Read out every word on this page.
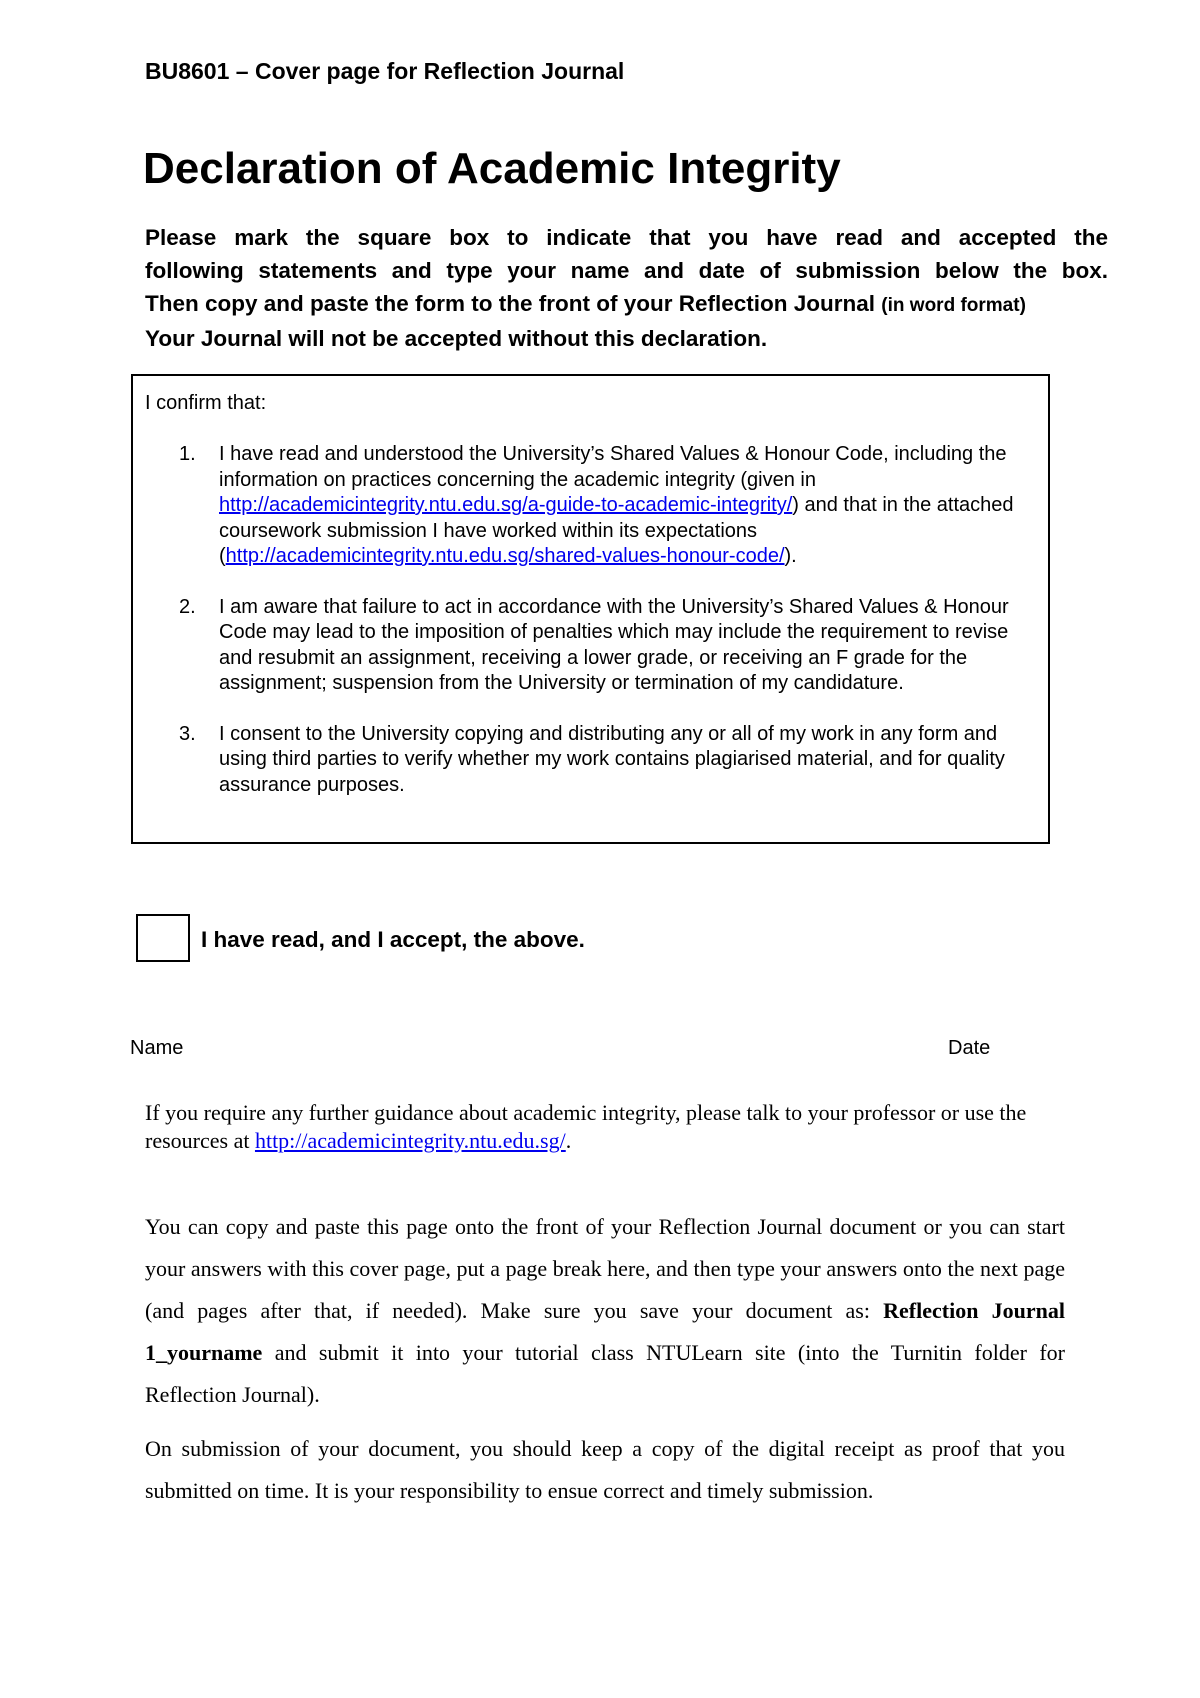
BU8601 – Cover page for Reflection Journal
Declaration of Academic Integrity

Please mark the square box to indicate that you have read and accepted the

following statements and type your name and date of submission below the box.

Then copy and paste the form to the front of your Reflection Journal (in word format)

Your Journal will not be accepted without this declaration.

I confirm that:
1. I have read and understood the University’s Shared Values & Honour Code, including the information on practices concerning the academic integrity (given in http://academicintegrity.ntu.edu.sg/a-guide-to-academic-integrity/) and that in the attached coursework submission I have worked within its expectations (http://academicintegrity.ntu.edu.sg/shared-values-honour-code/).
2. I am aware that failure to act in accordance with the University’s Shared Values & Honour Code may lead to the imposition of penalties which may include the requirement to revise and resubmit an assignment, receiving a lower grade, or receiving an F grade for the assignment; suspension from the University or termination of my candidature.
3. I consent to the University copying and distributing any or all of my work in any form and using third parties to verify whether my work contains plagiarised material, and for quality assurance purposes.
I have read, and I accept, the above.
Name	Date
If you require any further guidance about academic integrity, please talk to your professor or use the resources at http://academicintegrity.ntu.edu.sg/.
You can copy and paste this page onto the front of your Reflection Journal document or you can start your answers with this cover page, put a page break here, and then type your answers onto the next page (and pages after that, if needed). Make sure you save your document as: Reflection Journal 1_yourname and submit it into your tutorial class NTULearn site (into the Turnitin folder for Reflection Journal).
On submission of your document, you should keep a copy of the digital receipt as proof that you submitted on time. It is your responsibility to ensue correct and timely submission.
